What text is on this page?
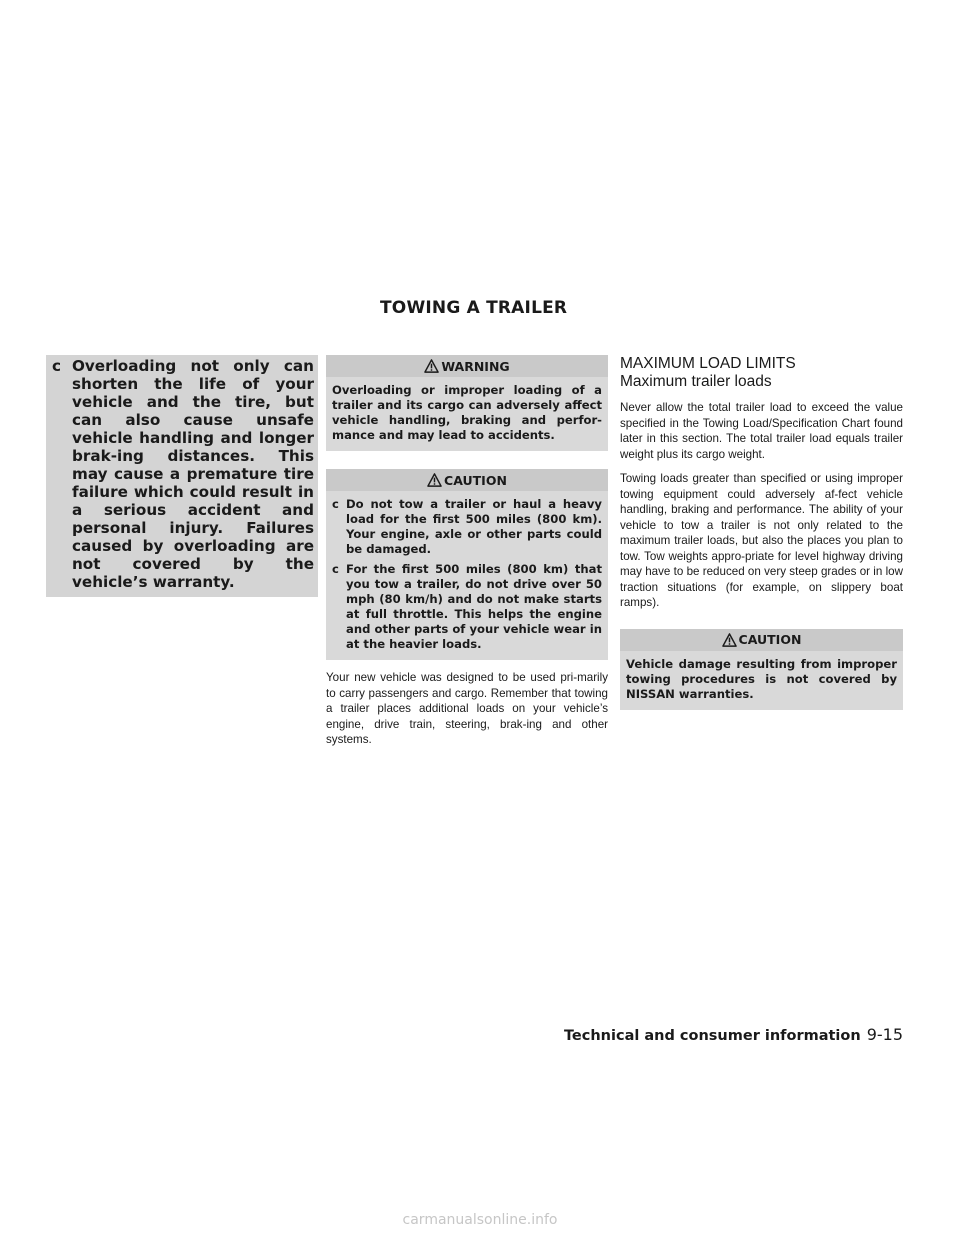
TOWING A TRAILER
c Overloading not only can shorten the life of your vehicle and the tire, but can also cause unsafe vehicle handling and longer brak-ing distances. This may cause a premature tire failure which could result in a serious accident and personal injury. Failures caused by overloading are not covered by the vehicle’s warranty.
WARNING
Overloading or improper loading of a trailer and its cargo can adversely affect vehicle handling, braking and perfor-mance and may lead to accidents.
CAUTION
c Do not tow a trailer or haul a heavy load for the first 500 miles (800 km). Your engine, axle or other parts could be damaged.
c For the first 500 miles (800 km) that you tow a trailer, do not drive over 50 mph (80 km/h) and do not make starts at full throttle. This helps the engine and other parts of your vehicle wear in at the heavier loads.
Your new vehicle was designed to be used pri-marily to carry passengers and cargo. Remember that towing a trailer places additional loads on your vehicle’s engine, drive train, steering, brak-ing and other systems.
MAXIMUM LOAD LIMITS
Maximum trailer loads
Never allow the total trailer load to exceed the value specified in the Towing Load/Specification Chart found later in this section. The total trailer load equals trailer weight plus its cargo weight.
Towing loads greater than specified or using improper towing equipment could adversely af-fect vehicle handling, braking and performance. The ability of your vehicle to tow a trailer is not only related to the maximum trailer loads, but also the places you plan to tow. Tow weights appro-priate for level highway driving may have to be reduced on very steep grades or in low traction situations (for example, on slippery boat ramps).
CAUTION
Vehicle damage resulting from improper towing procedures is not covered by NISSAN warranties.
Technical and consumer information 9-15
carmanualsonline.info
